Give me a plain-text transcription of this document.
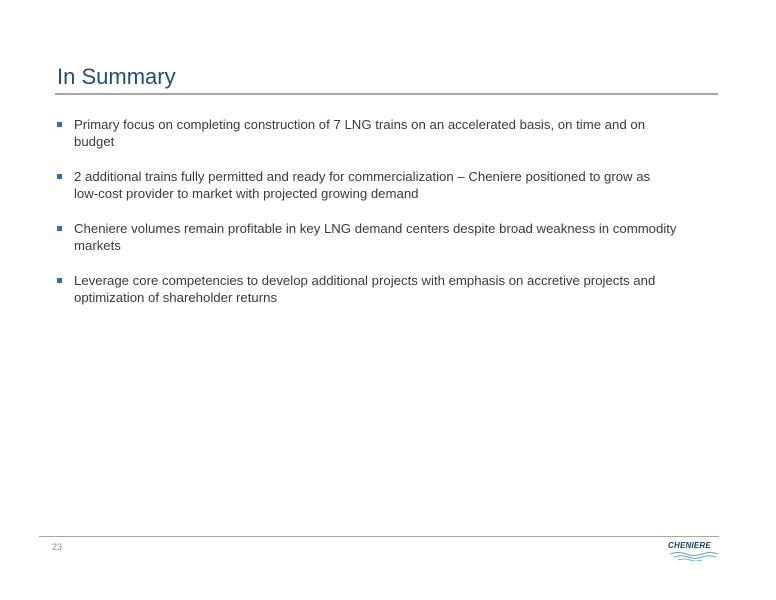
In Summary
Primary focus on completing construction of 7 LNG trains on an accelerated basis, on time and on budget
2 additional trains fully permitted and ready for commercialization – Cheniere positioned to grow as low-cost provider to market with projected growing demand
Cheniere volumes remain profitable in key LNG demand centers despite broad weakness in commodity markets
Leverage core competencies to develop additional projects with emphasis on accretive projects and optimization of shareholder returns
23	CHENIERE
